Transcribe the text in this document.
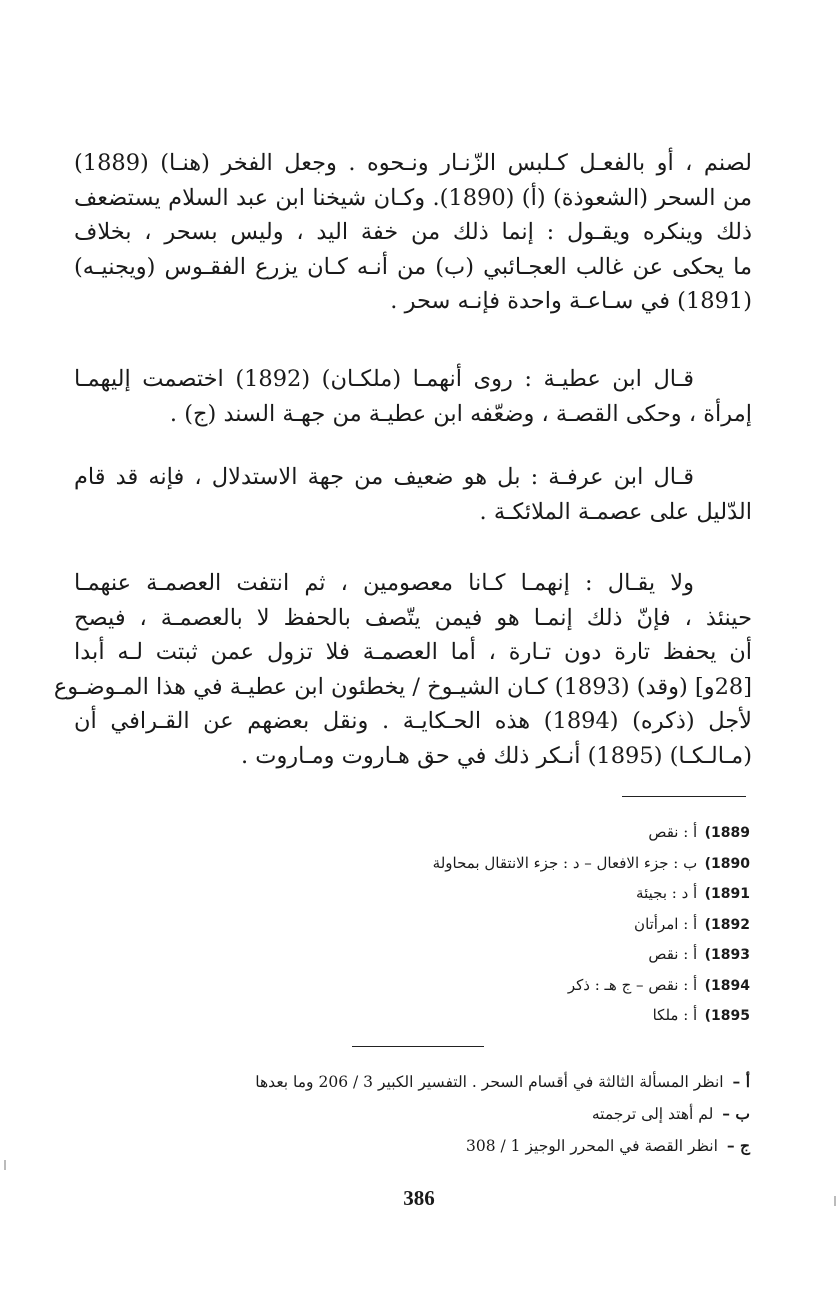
لصنم ، أو بالفعـل كـلبس الزّنـار ونـحوه . وجعل الفخر (هنـا) (1889)
من السحر (الشعوذة) (أ) (1890). وكـان شيخنا ابن عبد السلام يستضعف
ذلك وينكره ويقـول : إنما ذلك من خفة اليد ، وليس بسحر ، بخلاف
ما يحكى عن غالب العجـائبي (ب) من أنـه كـان يزرع الفقـوس (ويجنيـه)
(1891) في سـاعـة واحدة فإنـه سحر .
قـال ابن عطيـة : روى أنهمـا (ملكـان) (1892) اختصمت إليهمـا
إمرأة ، وحكى القصـة ، وضعّفه ابن عطيـة من جهـة السند (ج) .
قـال ابن عرفـة : بل هو ضعيف من جهة الاستدلال ، فإنه قد قام
الدّليل على عصمـة الملائكـة .
ولا يقـال : إنهمـا كـانا معصومين ، ثم انتفت العصمـة عنهمـا
حينئذ ، فإنّ ذلك إنمـا هو فيمن يتّصف بالحفظ لا بالعصمـة ، فيصح
أن يحفظ تارة دون تـارة ، أما العصمـة فلا تزول عمن ثبتت لـه أبدا
[28و] (وقد) (1893) كـان الشيـوخ / يخطئون ابن عطيـة في هذا المـوضـوع
لأجل (ذكره) (1894) هذه الحـكايـة . ونقل بعضهم عن القـرافي أن
(مـالـكـا) (1895) أنـكر ذلك في حق هـاروت ومـاروت .
1889) أ : نقص
1890) ب : جزء الافعال – د : جزء الانتقال بمحاولة
1891) أ د : بجيئة
1892) أ : امرأتان
1893) أ : نقص
1894) أ : نقص – ج هـ : ذكر
1895) أ : ملكا
أ – انظر المسألة الثالثة في أقسام السحر . التفسير الكبير 3 / 206 وما بعدها
ب – لم أهتد إلى ترجمته
ج – انظر القصة في المحرر الوجيز 1 / 308
386
